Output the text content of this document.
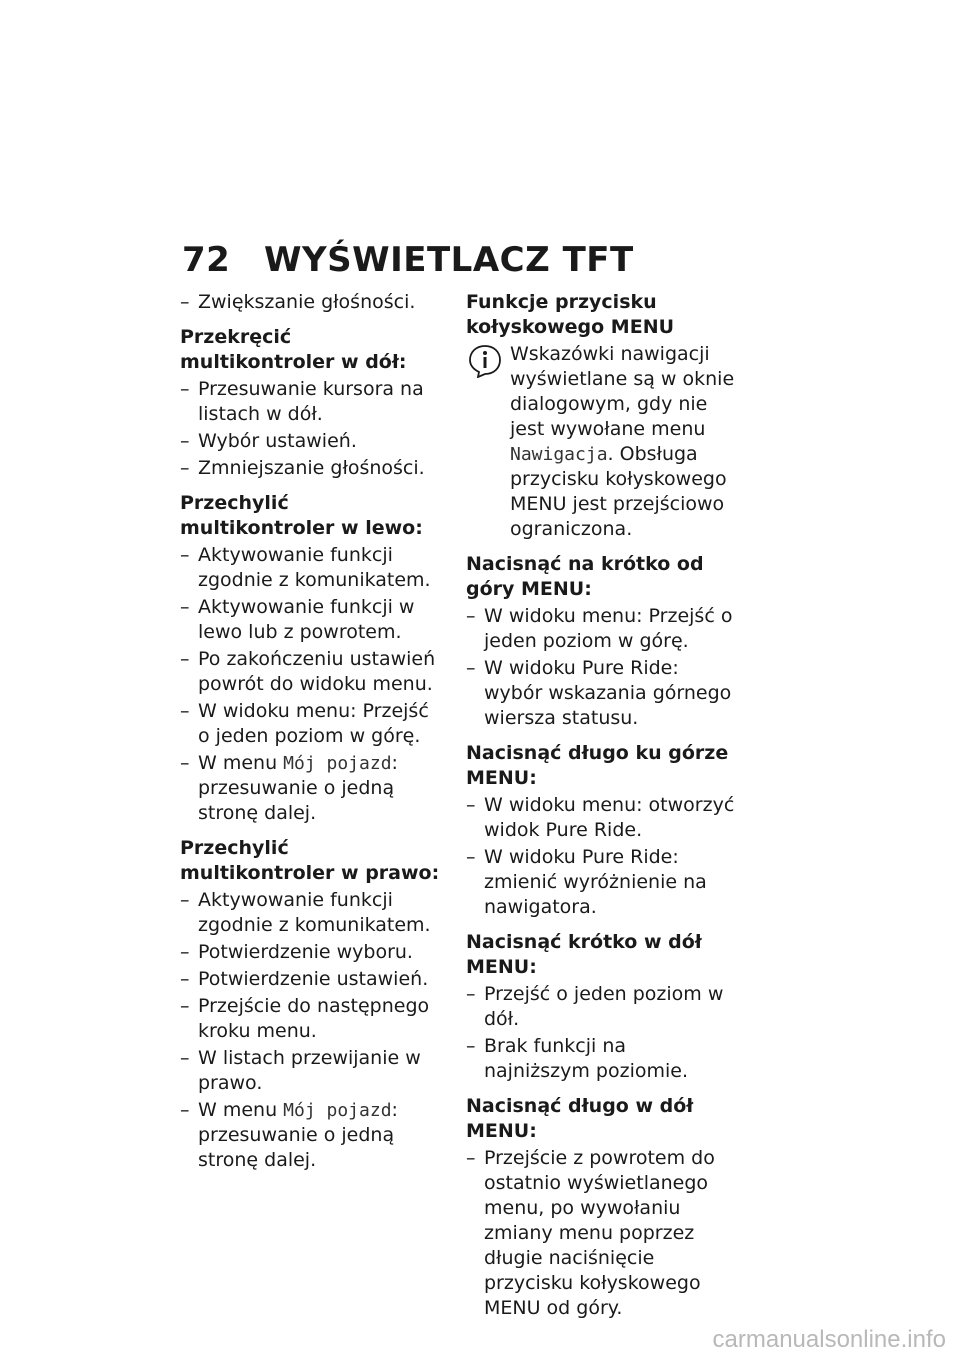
72 WYŚWIETLACZ TFT
– Zwiększanie głośności.
Przekręcić multikontroler w dół:
– Przesuwanie kursora na listach w dół.
– Wybór ustawień.
– Zmniejszanie głośności.
Przechylić multikontroler w lewo:
– Aktywowanie funkcji zgodnie z komunikatem.
– Aktywowanie funkcji w lewo lub z powrotem.
– Po zakończeniu ustawień powrót do widoku menu.
– W widoku menu: Przejść o jeden poziom w górę.
– W menu Mój pojazd: przesuwanie o jedną stronę dalej.
Przechylić multikontroler w prawo:
– Aktywowanie funkcji zgodnie z komunikatem.
– Potwierdzenie wyboru.
– Potwierdzenie ustawień.
– Przejście do następnego kroku menu.
– W listach przewijanie w prawo.
– W menu Mój pojazd: przesuwanie o jedną stronę dalej.
Funkcje przycisku kołyskowego MENU
Wskazówki nawigacji wyświetlane są w oknie dialogowym, gdy nie jest wywołane menu Nawigacja. Obsługa przycisku kołyskowego MENU jest przejściowo ograniczona.
Nacisnąć na krótko od góry MENU:
– W widoku menu: Przejść o jeden poziom w górę.
– W widoku Pure Ride: wybór wskazania górnego wiersza statusu.
Nacisnąć długo ku górze MENU:
– W widoku menu: otworzyć widok Pure Ride.
– W widoku Pure Ride: zmienić wyróżnienie na nawigatora.
Nacisnąć krótko w dół MENU:
– Przejść o jeden poziom w dół.
– Brak funkcji na najniższym poziomie.
Nacisnąć długo w dół MENU:
– Przejście z powrotem do ostatnio wyświetlanego menu, po wywołaniu zmiany menu poprzez długie naciśnięcie przycisku kołyskowego MENU od góry.
carmanualsonline.info
